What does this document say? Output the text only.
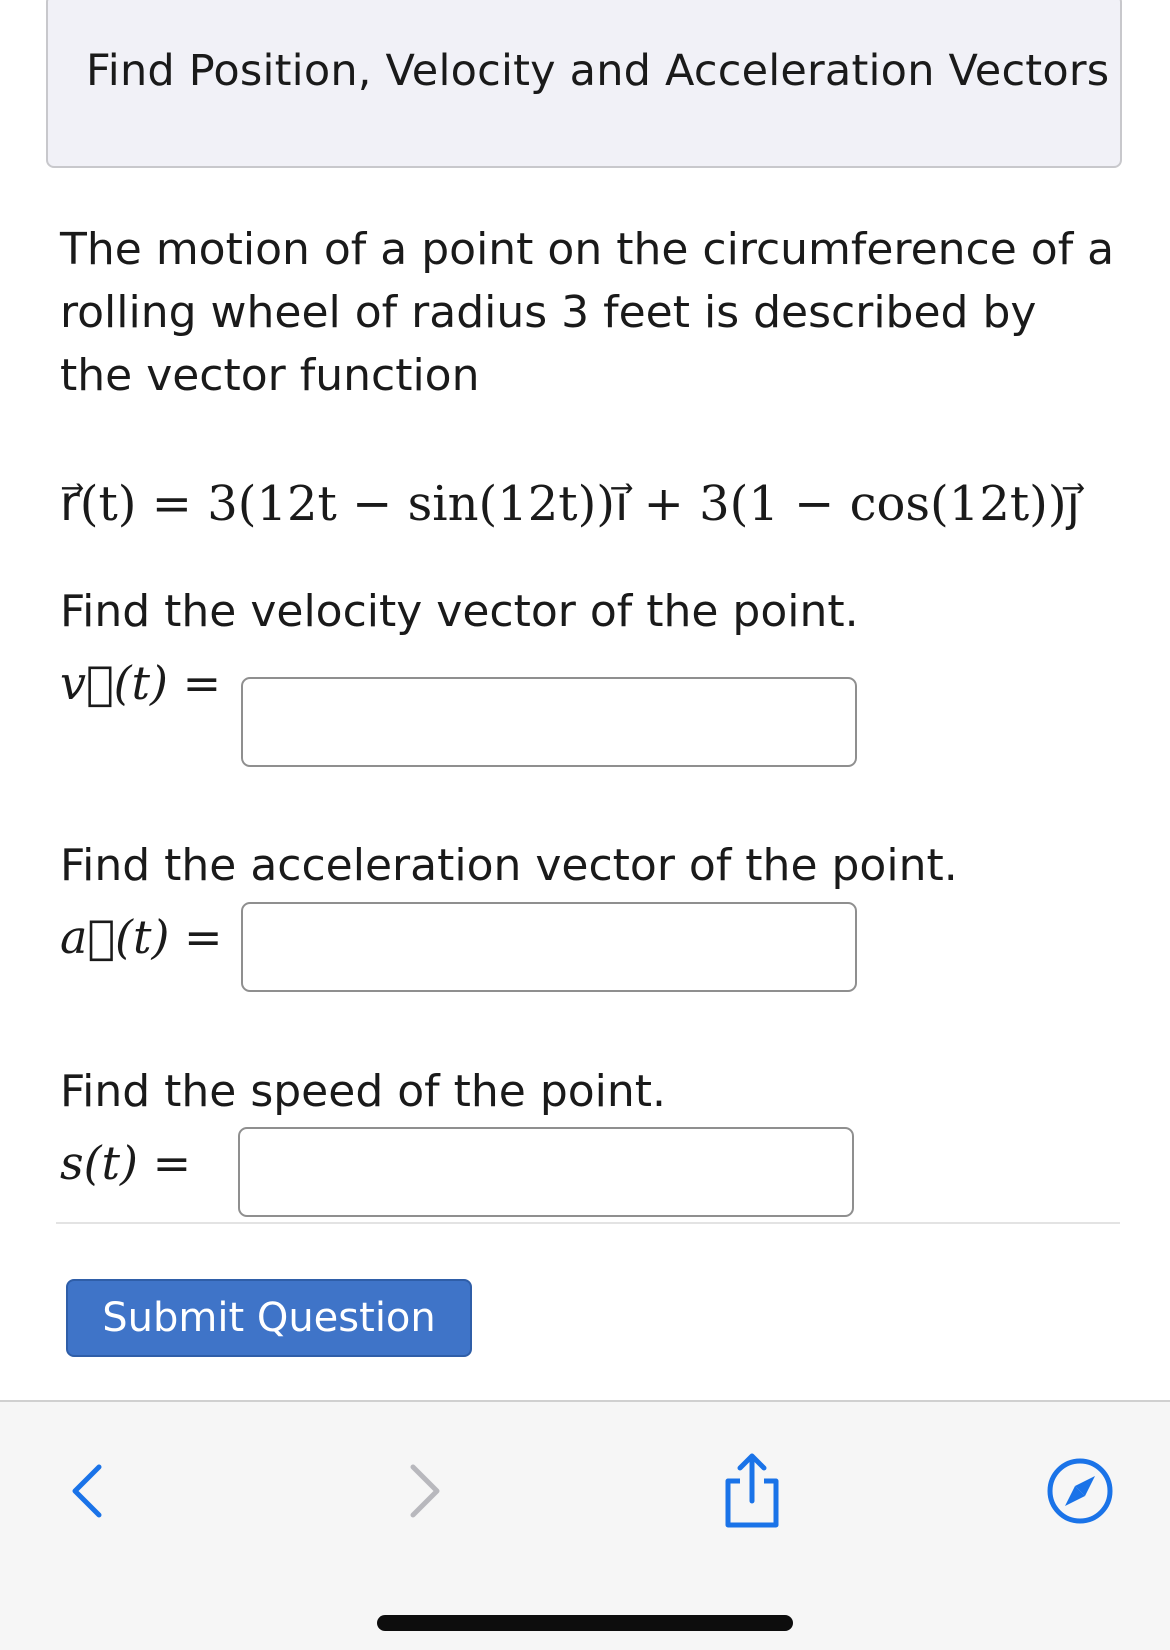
Find Position, Velocity and Acceleration Vectors
The motion of a point on the circumference of a rolling wheel of radius 3 feet is described by the vector function
r⃗(t) = 3(12t − sin(12t))i⃗ + 3(1 − cos(12t))j⃗
Find the velocity vector of the point.
v⃗(t) =
Find the acceleration vector of the point.
a⃗(t) =
Find the speed of the point.
s(t) =
Submit Question
